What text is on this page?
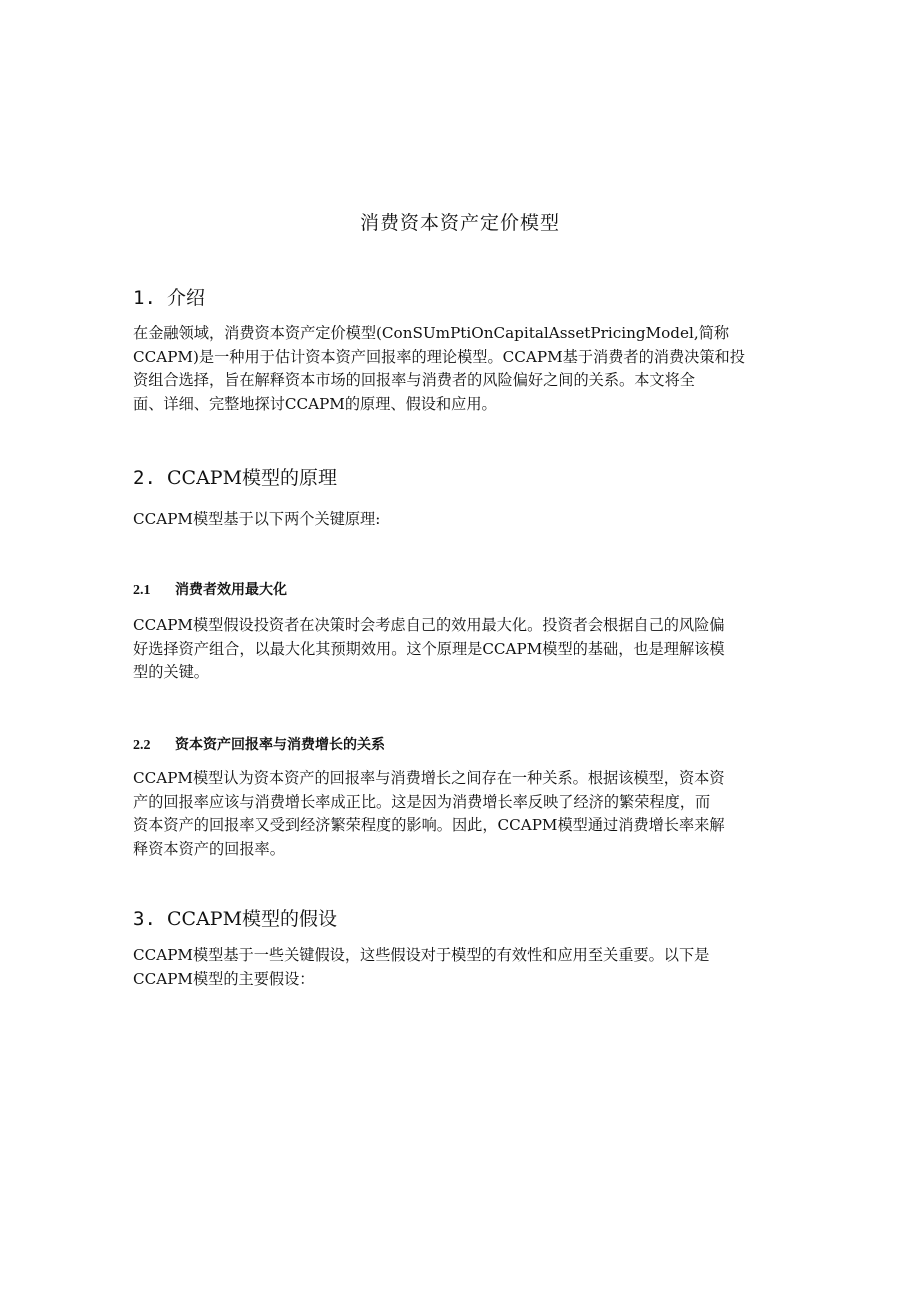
消费资本资产定价模型
1. 介绍
在金融领域，消费资本资产定价模型(ConSUmPtiOnCapitalAssetPricingModel,简称
CCAPM)是一种用于估计资本资产回报率的理论模型。CCAPM基于消费者的消费决策和投
资组合选择，旨在解释资本市场的回报率与消费者的风险偏好之间的关系。本文将全
面、详细、完整地探讨CCAPM的原理、假设和应用。
2. CCAPM模型的原理
CCAPM模型基于以下两个关键原理:
2.1 消费者效用最大化
CCAPM模型假设投资者在决策时会考虑自己的效用最大化。投资者会根据自己的风险偏
好选择资产组合，以最大化其预期效用。这个原理是CCAPM模型的基础，也是理解该模
型的关键。
2.2 资本资产回报率与消费增长的关系
CCAPM模型认为资本资产的回报率与消费增长之间存在一种关系。根据该模型，资本资
产的回报率应该与消费增长率成正比。这是因为消费增长率反映了经济的繁荣程度，而
资本资产的回报率又受到经济繁荣程度的影响。因此，CCAPM模型通过消费增长率来解
释资本资产的回报率。
3. CCAPM模型的假设
CCAPM模型基于一些关键假设，这些假设对于模型的有效性和应用至关重要。以下是
CCAPM模型的主要假设：
